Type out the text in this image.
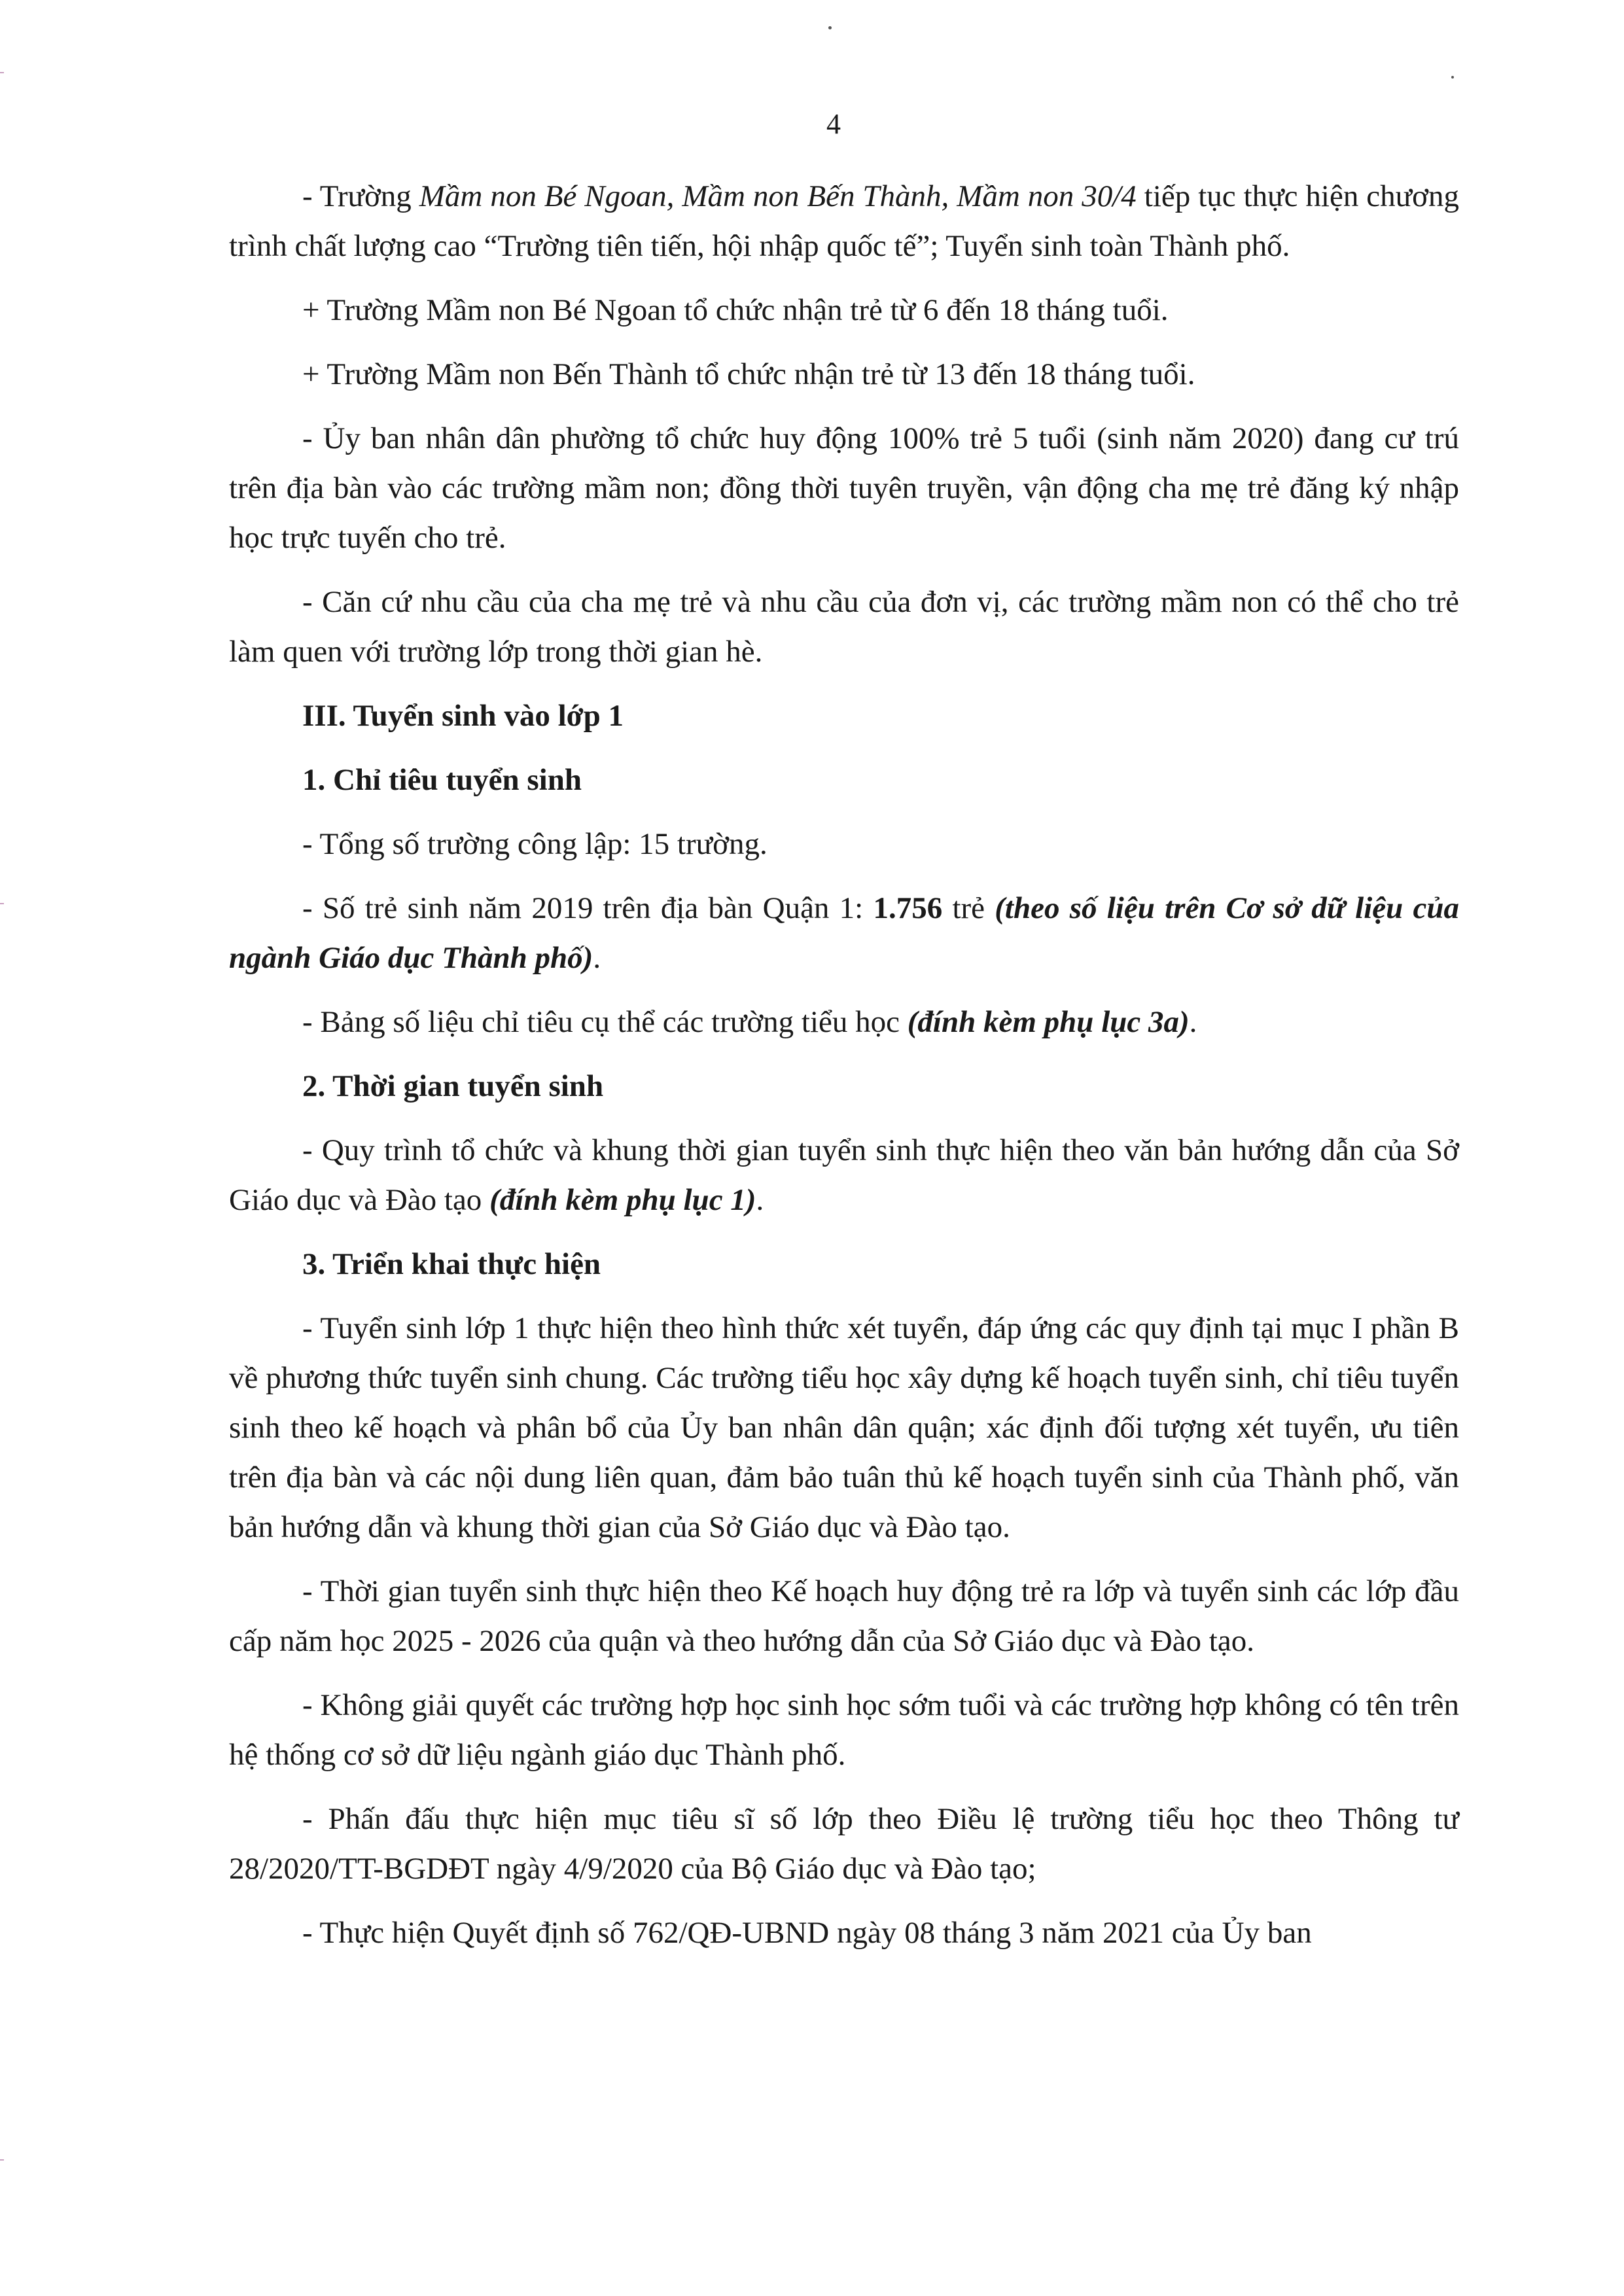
4

- Trường Mầm non Bé Ngoan, Mầm non Bến Thành, Mầm non 30/4 tiếp tục thực hiện chương trình chất lượng cao “Trường tiên tiến, hội nhập quốc tế”; Tuyển sinh toàn Thành phố.

+ Trường Mầm non Bé Ngoan tổ chức nhận trẻ từ 6 đến 18 tháng tuổi.

+ Trường Mầm non Bến Thành tổ chức nhận trẻ từ 13 đến 18 tháng tuổi.

- Ủy ban nhân dân phường tổ chức huy động 100% trẻ 5 tuổi (sinh năm 2020) đang cư trú trên địa bàn vào các trường mầm non; đồng thời tuyên truyền, vận động cha mẹ trẻ đăng ký nhập học trực tuyến cho trẻ.

- Căn cứ nhu cầu của cha mẹ trẻ và nhu cầu của đơn vị, các trường mầm non có thể cho trẻ làm quen với trường lớp trong thời gian hè.

III. Tuyển sinh vào lớp 1

1. Chỉ tiêu tuyển sinh

- Tổng số trường công lập: 15 trường.

- Số trẻ sinh năm 2019 trên địa bàn Quận 1: 1.756 trẻ (theo số liệu trên Cơ sở dữ liệu của ngành Giáo dục Thành phố).

- Bảng số liệu chỉ tiêu cụ thể các trường tiểu học (đính kèm phụ lục 3a).

2. Thời gian tuyển sinh

- Quy trình tổ chức và khung thời gian tuyển sinh thực hiện theo văn bản hướng dẫn của Sở Giáo dục và Đào tạo (đính kèm phụ lục 1).

3. Triển khai thực hiện

- Tuyển sinh lớp 1 thực hiện theo hình thức xét tuyển, đáp ứng các quy định tại mục I phần B về phương thức tuyển sinh chung. Các trường tiểu học xây dựng kế hoạch tuyển sinh, chỉ tiêu tuyển sinh theo kế hoạch và phân bổ của Ủy ban nhân dân quận; xác định đối tượng xét tuyển, ưu tiên trên địa bàn và các nội dung liên quan, đảm bảo tuân thủ kế hoạch tuyển sinh của Thành phố, văn bản hướng dẫn và khung thời gian của Sở Giáo dục và Đào tạo.

- Thời gian tuyển sinh thực hiện theo Kế hoạch huy động trẻ ra lớp và tuyển sinh các lớp đầu cấp năm học 2025 - 2026 của quận và theo hướng dẫn của Sở Giáo dục và Đào tạo.

- Không giải quyết các trường hợp học sinh học sớm tuổi và các trường hợp không có tên trên hệ thống cơ sở dữ liệu ngành giáo dục Thành phố.

- Phấn đấu thực hiện mục tiêu sĩ số lớp theo Điều lệ trường tiểu học theo Thông tư 28/2020/TT-BGDĐT ngày 4/9/2020 của Bộ Giáo dục và Đào tạo;

- Thực hiện Quyết định số 762/QĐ-UBND ngày 08 tháng 3 năm 2021 của Ủy ban
